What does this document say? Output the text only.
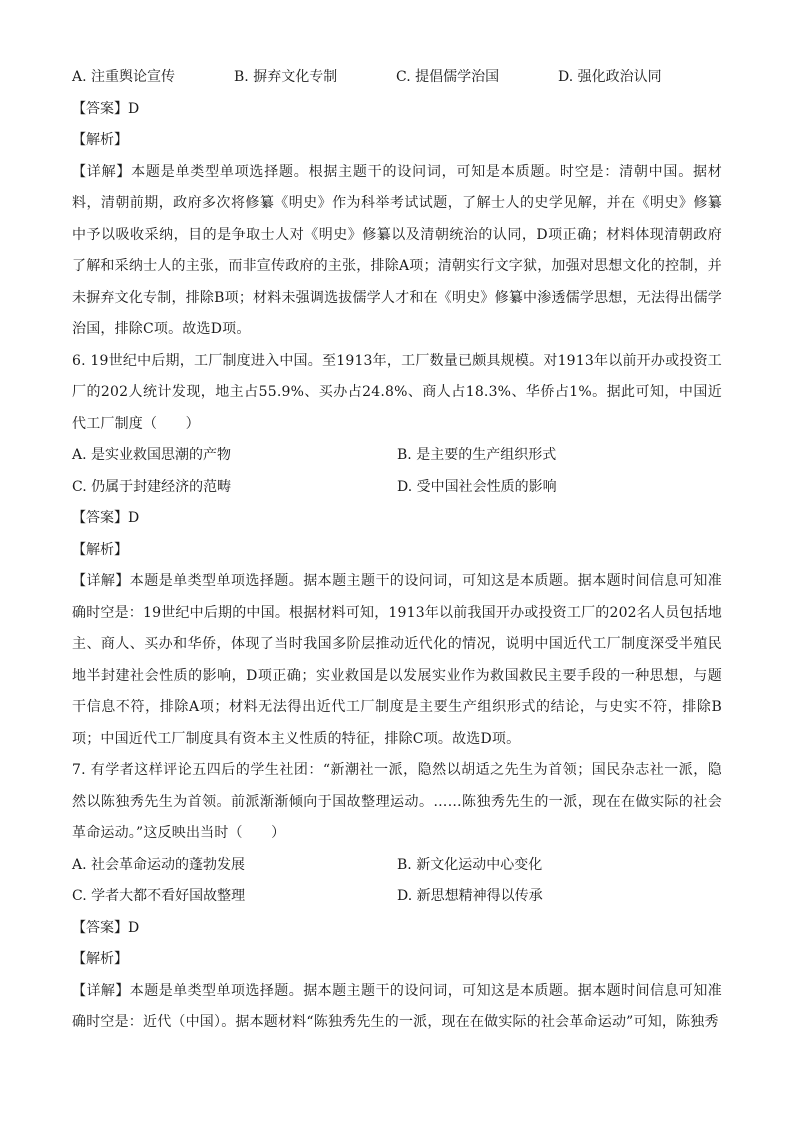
A. 注重舆论宣传	B. 摒弃文化专制	C. 提倡儒学治国	D. 强化政治认同
【答案】D
【解析】
【详解】本题是单类型单项选择题。根据主题干的设问词，可知是本质题。时空是：清朝中国。据材料，清朝前期，政府多次将修纂《明史》作为科举考试试题，了解士人的史学见解，并在《明史》修纂中予以吸收采纳，目的是争取士人对《明史》修纂以及清朝统治的认同，D项正确；材料体现清朝政府了解和采纳士人的主张，而非宣传政府的主张，排除A项；清朝实行文字狱，加强对思想文化的控制，并未摒弃文化专制，排除B项；材料未强调选拔儒学人才和在《明史》修纂中渗透儒学思想，无法得出儒学治国，排除C项。故选D项。
6. 19世纪中后期，工厂制度进入中国。至1913年，工厂数量已颇具规模。对1913年以前开办或投资工厂的202人统计发现，地主占55.9%、买办占24.8%、商人占18.3%、华侨占1%。据此可知，中国近代工厂制度（　　）
A. 是实业救国思潮的产物	B. 是主要的生产组织形式
C. 仍属于封建经济的范畴	D. 受中国社会性质的影响
【答案】D
【解析】
【详解】本题是单类型单项选择题。据本题主题干的设问词，可知这是本质题。据本题时间信息可知准确时空是：19世纪中后期的中国。根据材料可知，1913年以前我国开办或投资工厂的202名人员包括地主、商人、买办和华侨，体现了当时我国多阶层推动近代化的情况，说明中国近代工厂制度深受半殖民地半封建社会性质的影响，D项正确；实业救国是以发展实业作为救国救民主要手段的一种思想，与题干信息不符，排除A项；材料无法得出近代工厂制度是主要生产组织形式的结论，与史实不符，排除B项；中国近代工厂制度具有资本主义性质的特征，排除C项。故选D项。
7. 有学者这样评论五四后的学生社团：“新潮社一派，隐然以胡适之先生为首领；国民杂志社一派，隐然以陈独秀先生为首领。前派渐渐倾向于国故整理运动。……陈独秀先生的一派，现在在做实际的社会革命运动。”这反映出当时（　　）
A. 社会革命运动的蓬勃发展	B. 新文化运动中心变化
C. 学者大都不看好国故整理	D. 新思想精神得以传承
【答案】D
【解析】
【详解】本题是单类型单项选择题。据本题主题干的设问词，可知这是本质题。据本题时间信息可知准确时空是：近代（中国）。据本题材料“陈独秀先生的一派，现在在做实际的社会革命运动”可知，陈独秀
